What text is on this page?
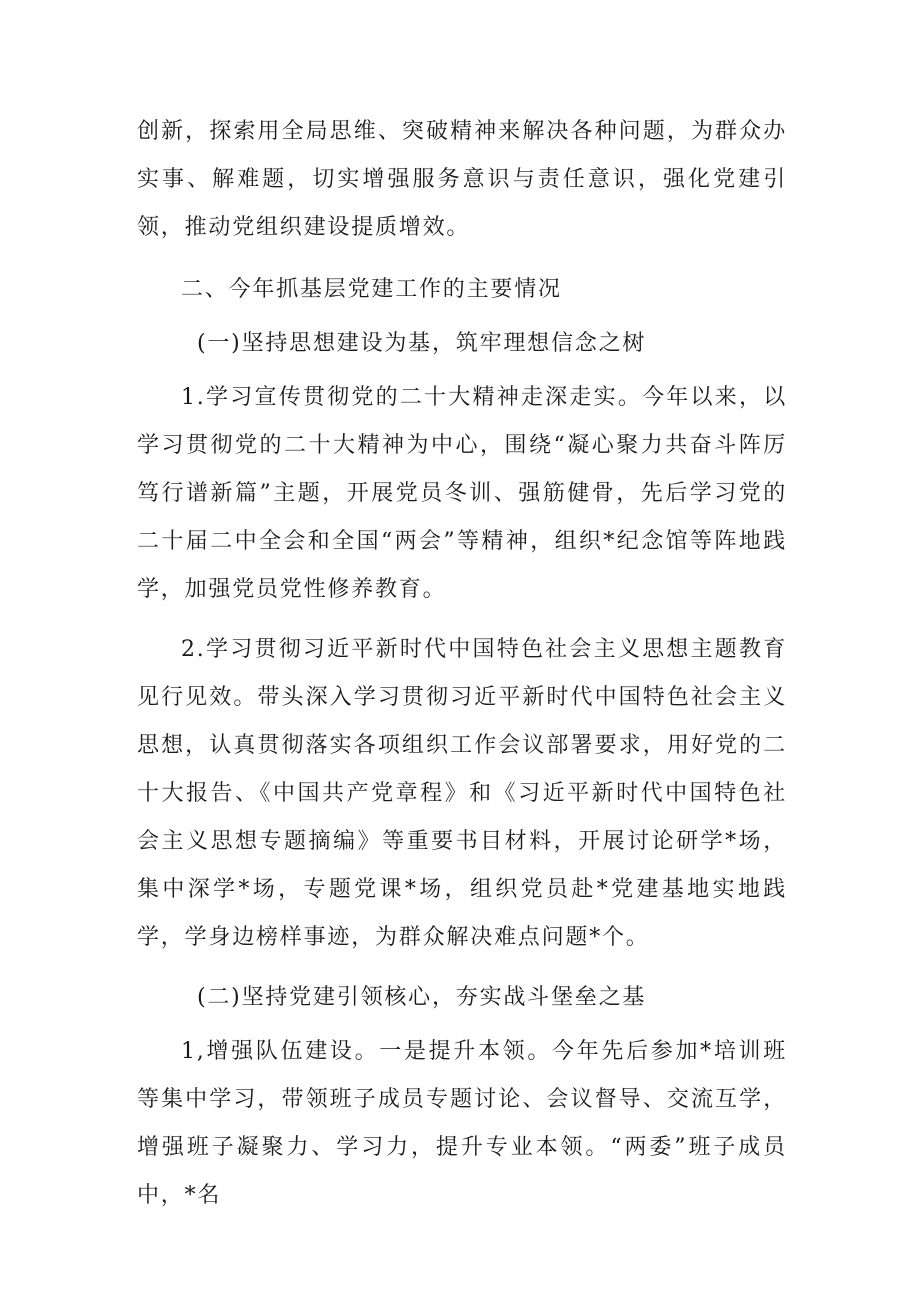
创新，探索用全局思维、突破精神来解决各种问题，为群众办实事、解难题，切实增强服务意识与责任意识，强化党建引领，推动党组织建设提质增效。

二、今年抓基层党建工作的主要情况

(一)坚持思想建设为基，筑牢理想信念之树

1.学习宣传贯彻党的二十大精神走深走实。今年以来，以学习贯彻党的二十大精神为中心，围绕“凝心聚力共奋斗阵厉笃行谱新篇”主题，开展党员冬训、强筋健骨，先后学习党的二十届二中全会和全国“两会”等精神，组织*纪念馆等阵地践学，加强党员党性修养教育。

2.学习贯彻习近平新时代中国特色社会主义思想主题教育见行见效。带头深入学习贯彻习近平新时代中国特色社会主义思想，认真贯彻落实各项组织工作会议部署要求，用好党的二十大报告、《中国共产党章程》和《习近平新时代中国特色社会主义思想专题摘编》等重要书目材料，开展讨论研学*场，集中深学*场，专题党课*场，组织党员赴*党建基地实地践学，学身边榜样事迹，为群众解决难点问题*个。

(二)坚持党建引领核心，夯实战斗堡垒之基

1,增强队伍建设。一是提升本领。今年先后参加*培训班等集中学习，带领班子成员专题讨论、会议督导、交流互学，增强班子凝聚力、学习力，提升专业本领。“两委”班子成员中，*名
